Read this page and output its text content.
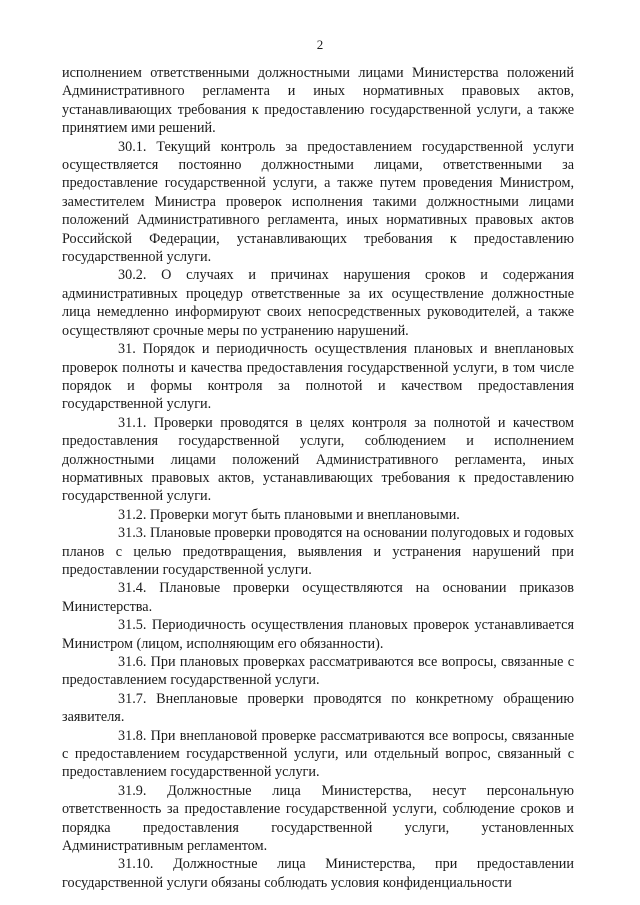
2

исполнением ответственными должностными лицами Министерства положений Административного регламента и иных нормативных правовых актов, устанавливающих требования к предоставлению государственной услуги, а также принятием ими решений.

30.1. Текущий контроль за предоставлением государственной услуги осуществляется постоянно должностными лицами, ответственными за предоставление государственной услуги, а также путем проведения Министром, заместителем Министра проверок исполнения такими должностными лицами положений Административного регламента, иных нормативных правовых актов Российской Федерации, устанавливающих требования к предоставлению государственной услуги.

30.2. О случаях и причинах нарушения сроков и содержания административных процедур ответственные за их осуществление должностные лица немедленно информируют своих непосредственных руководителей, а также осуществляют срочные меры по устранению нарушений.

31. Порядок и периодичность осуществления плановых и внеплановых проверок полноты и качества предоставления государственной услуги, в том числе порядок и формы контроля за полнотой и качеством предоставления государственной услуги.

31.1. Проверки проводятся в целях контроля за полнотой и качеством предоставления государственной услуги, соблюдением и исполнением должностными лицами положений Административного регламента, иных нормативных правовых актов, устанавливающих требования к предоставлению государственной услуги.

31.2. Проверки могут быть плановыми и внеплановыми.

31.3. Плановые проверки проводятся на основании полугодовых и годовых планов с целью предотвращения, выявления и устранения нарушений при предоставлении государственной услуги.

31.4. Плановые проверки осуществляются на основании приказов Министерства.

31.5. Периодичность осуществления плановых проверок устанавливается Министром (лицом, исполняющим его обязанности).

31.6. При плановых проверках рассматриваются все вопросы, связанные с предоставлением государственной услуги.

31.7. Внеплановые проверки проводятся по конкретному обращению заявителя.

31.8. При внеплановой проверке рассматриваются все вопросы, связанные с предоставлением государственной услуги, или отдельный вопрос, связанный с предоставлением государственной услуги.

31.9. Должностные лица Министерства, несут персональную ответственность за предоставление государственной услуги, соблюдение сроков и порядка предоставления государственной услуги, установленных Административным регламентом.

31.10. Должностные лица Министерства, при предоставлении государственной услуги обязаны соблюдать условия конфиденциальности
